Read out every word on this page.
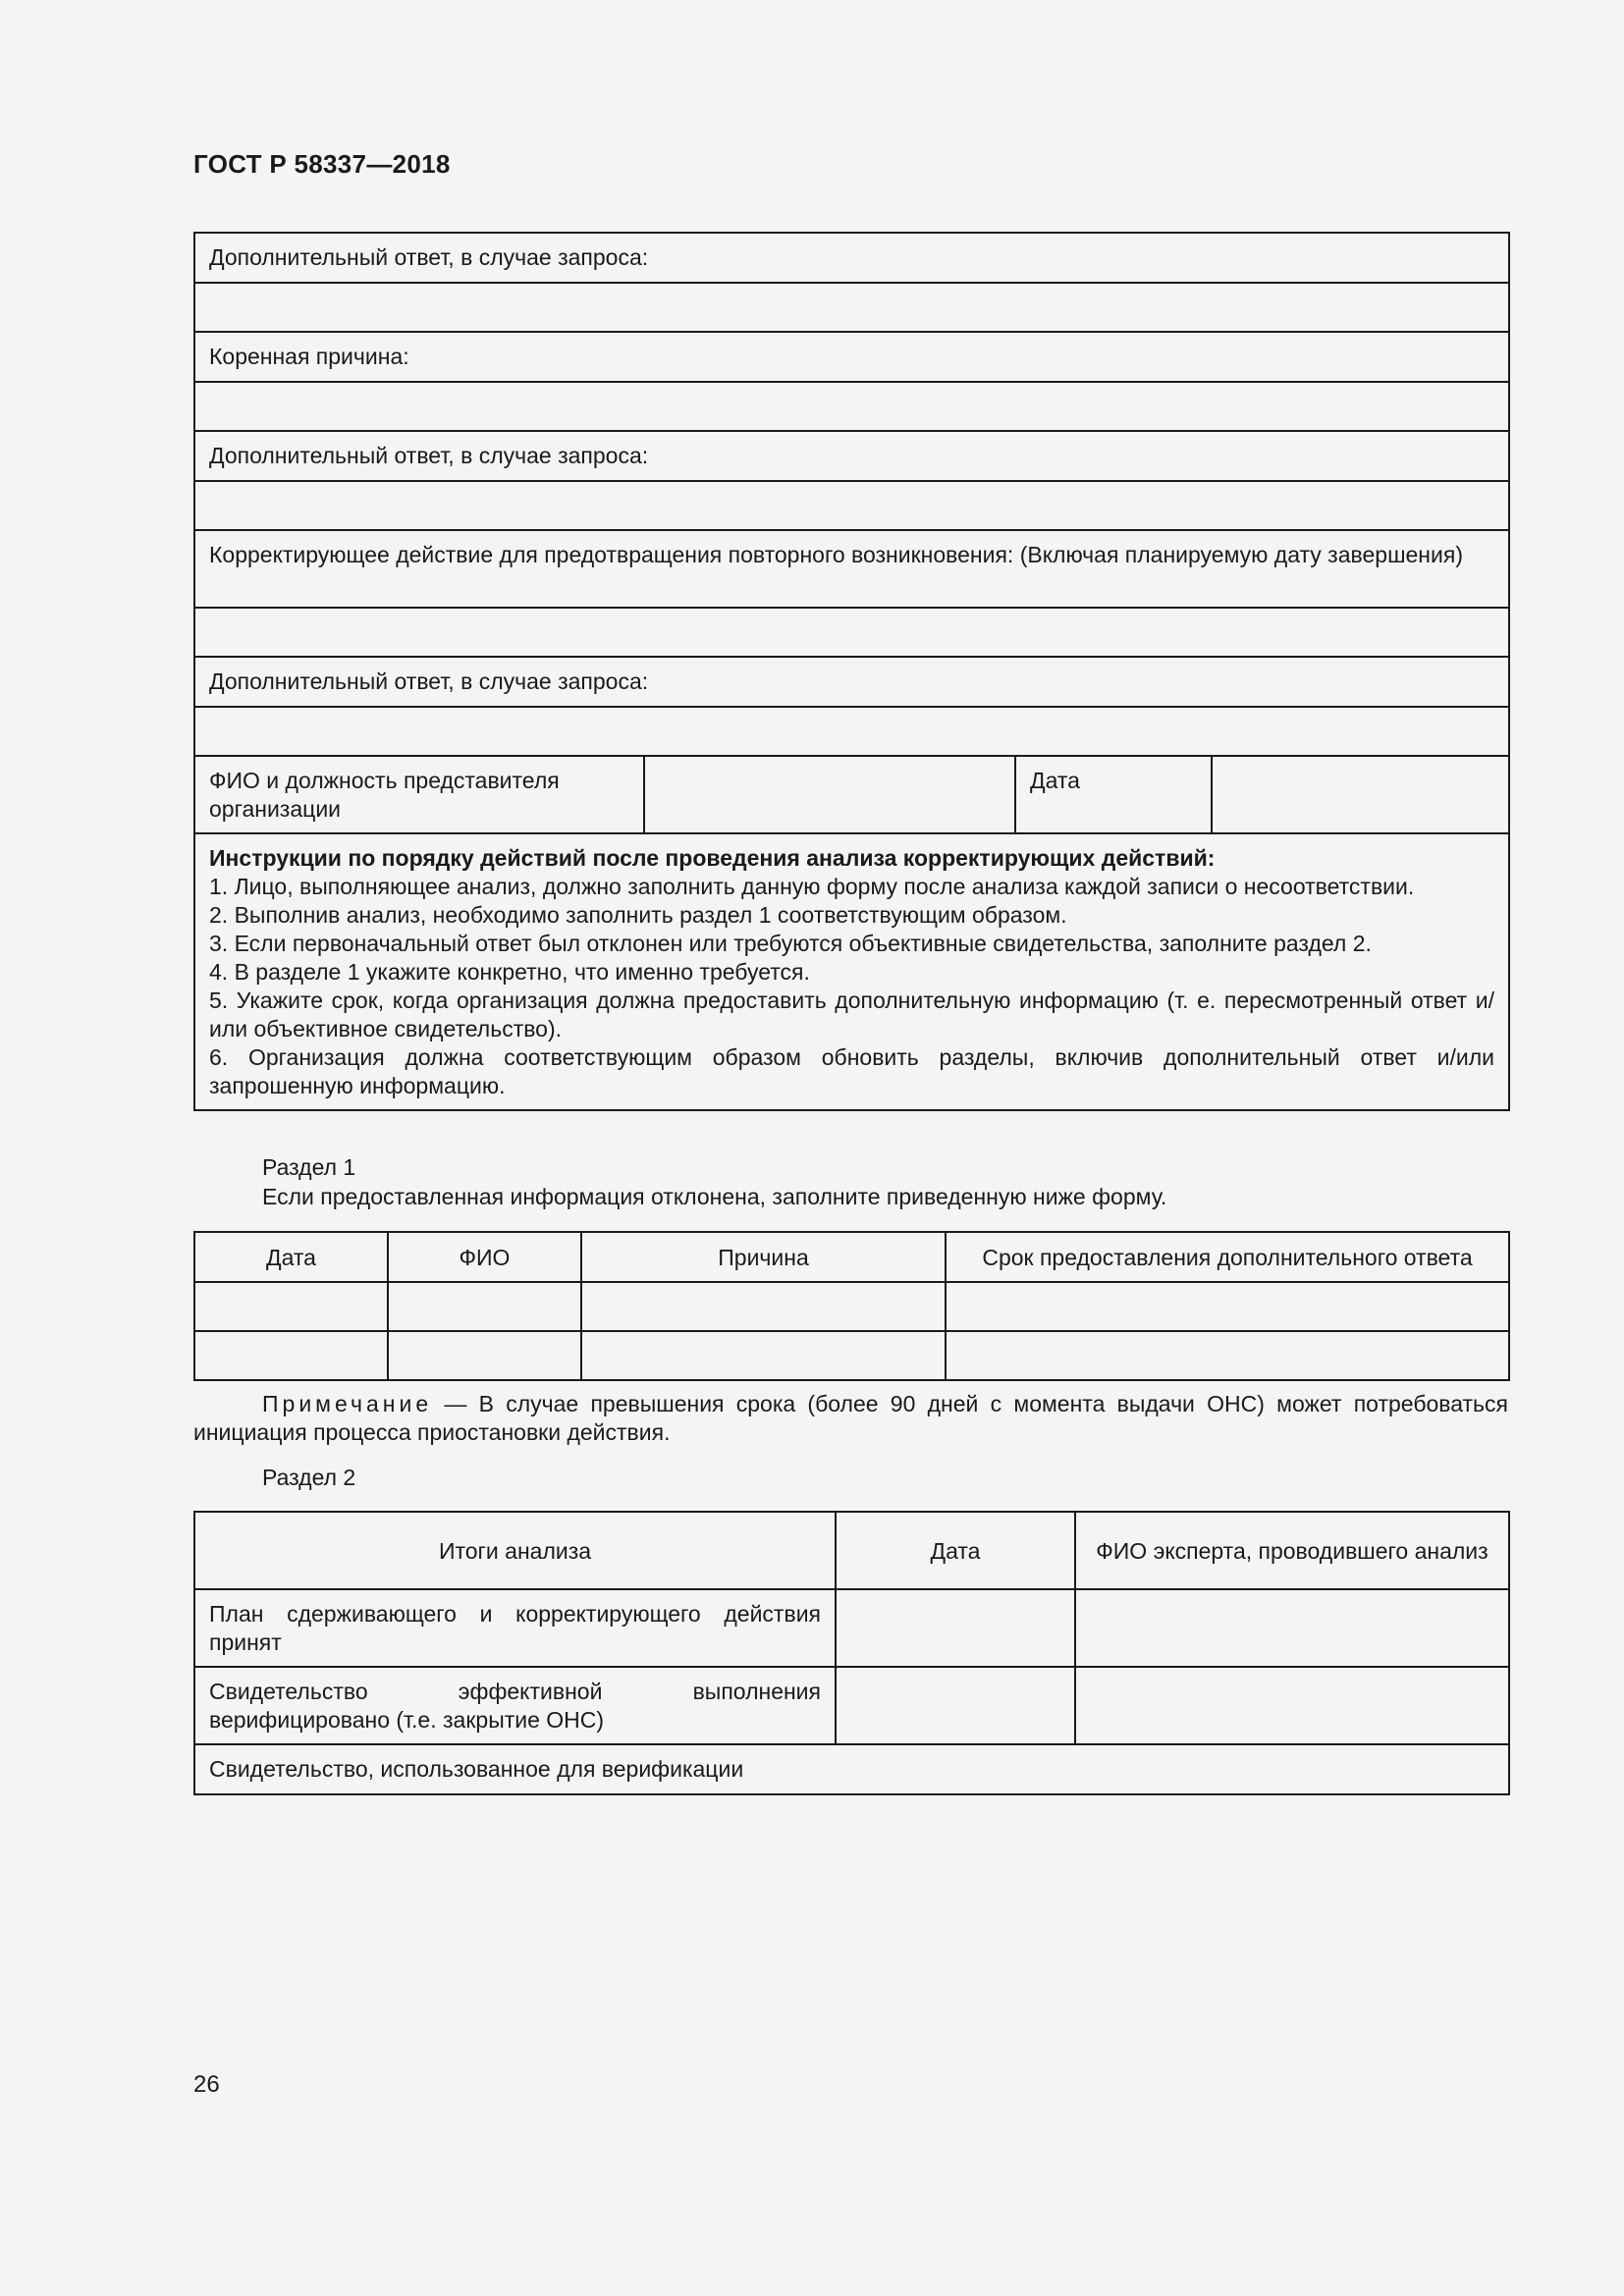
ГОСТ Р 58337—2018
Дополнительный ответ, в случае запроса:

Коренная причина:

Дополнительный ответ, в случае запроса:

Корректирующее действие для предотвращения повторного возникновения: (Включая планируемую дату завершения)

Дополнительный ответ, в случае запроса:

ФИО и должность представителя организации		Дата	

Инструкции по порядку действий после проведения анализа корректирующих действий:
1. Лицо, выполняющее анализ, должно заполнить данную форму после анализа каждой записи о несоответствии.
2. Выполнив анализ, необходимо заполнить раздел 1 соответствующим образом.
3. Если первоначальный ответ был отклонен или требуются объективные свидетельства, заполните раздел 2.
4. В разделе 1 укажите конкретно, что именно требуется.
5. Укажите срок, когда организация должна предоставить дополнительную информацию (т. е. пересмотренный ответ и/или объективное свидетельство).
6. Организация должна соответствующим образом обновить разделы, включив дополнительный ответ и/или запрошенную информацию.
Раздел 1
Если предоставленная информация отклонена, заполните приведенную ниже форму.
Дата	ФИО	Причина	Срок предоставления дополнительного ответа

Примечание — В случае превышения срока (более 90 дней с момента выдачи ОНС) может потребоваться инициация процесса приостановки действия.
Раздел 2
Итоги анализа	Дата	ФИО эксперта, проводившего анализ
План сдерживающего и корректирующего действия принят		
Свидетельство эффективной выполнения верифицировано (т.е. закрытие ОНС)		
Свидетельство, использованное для верификации		
26
